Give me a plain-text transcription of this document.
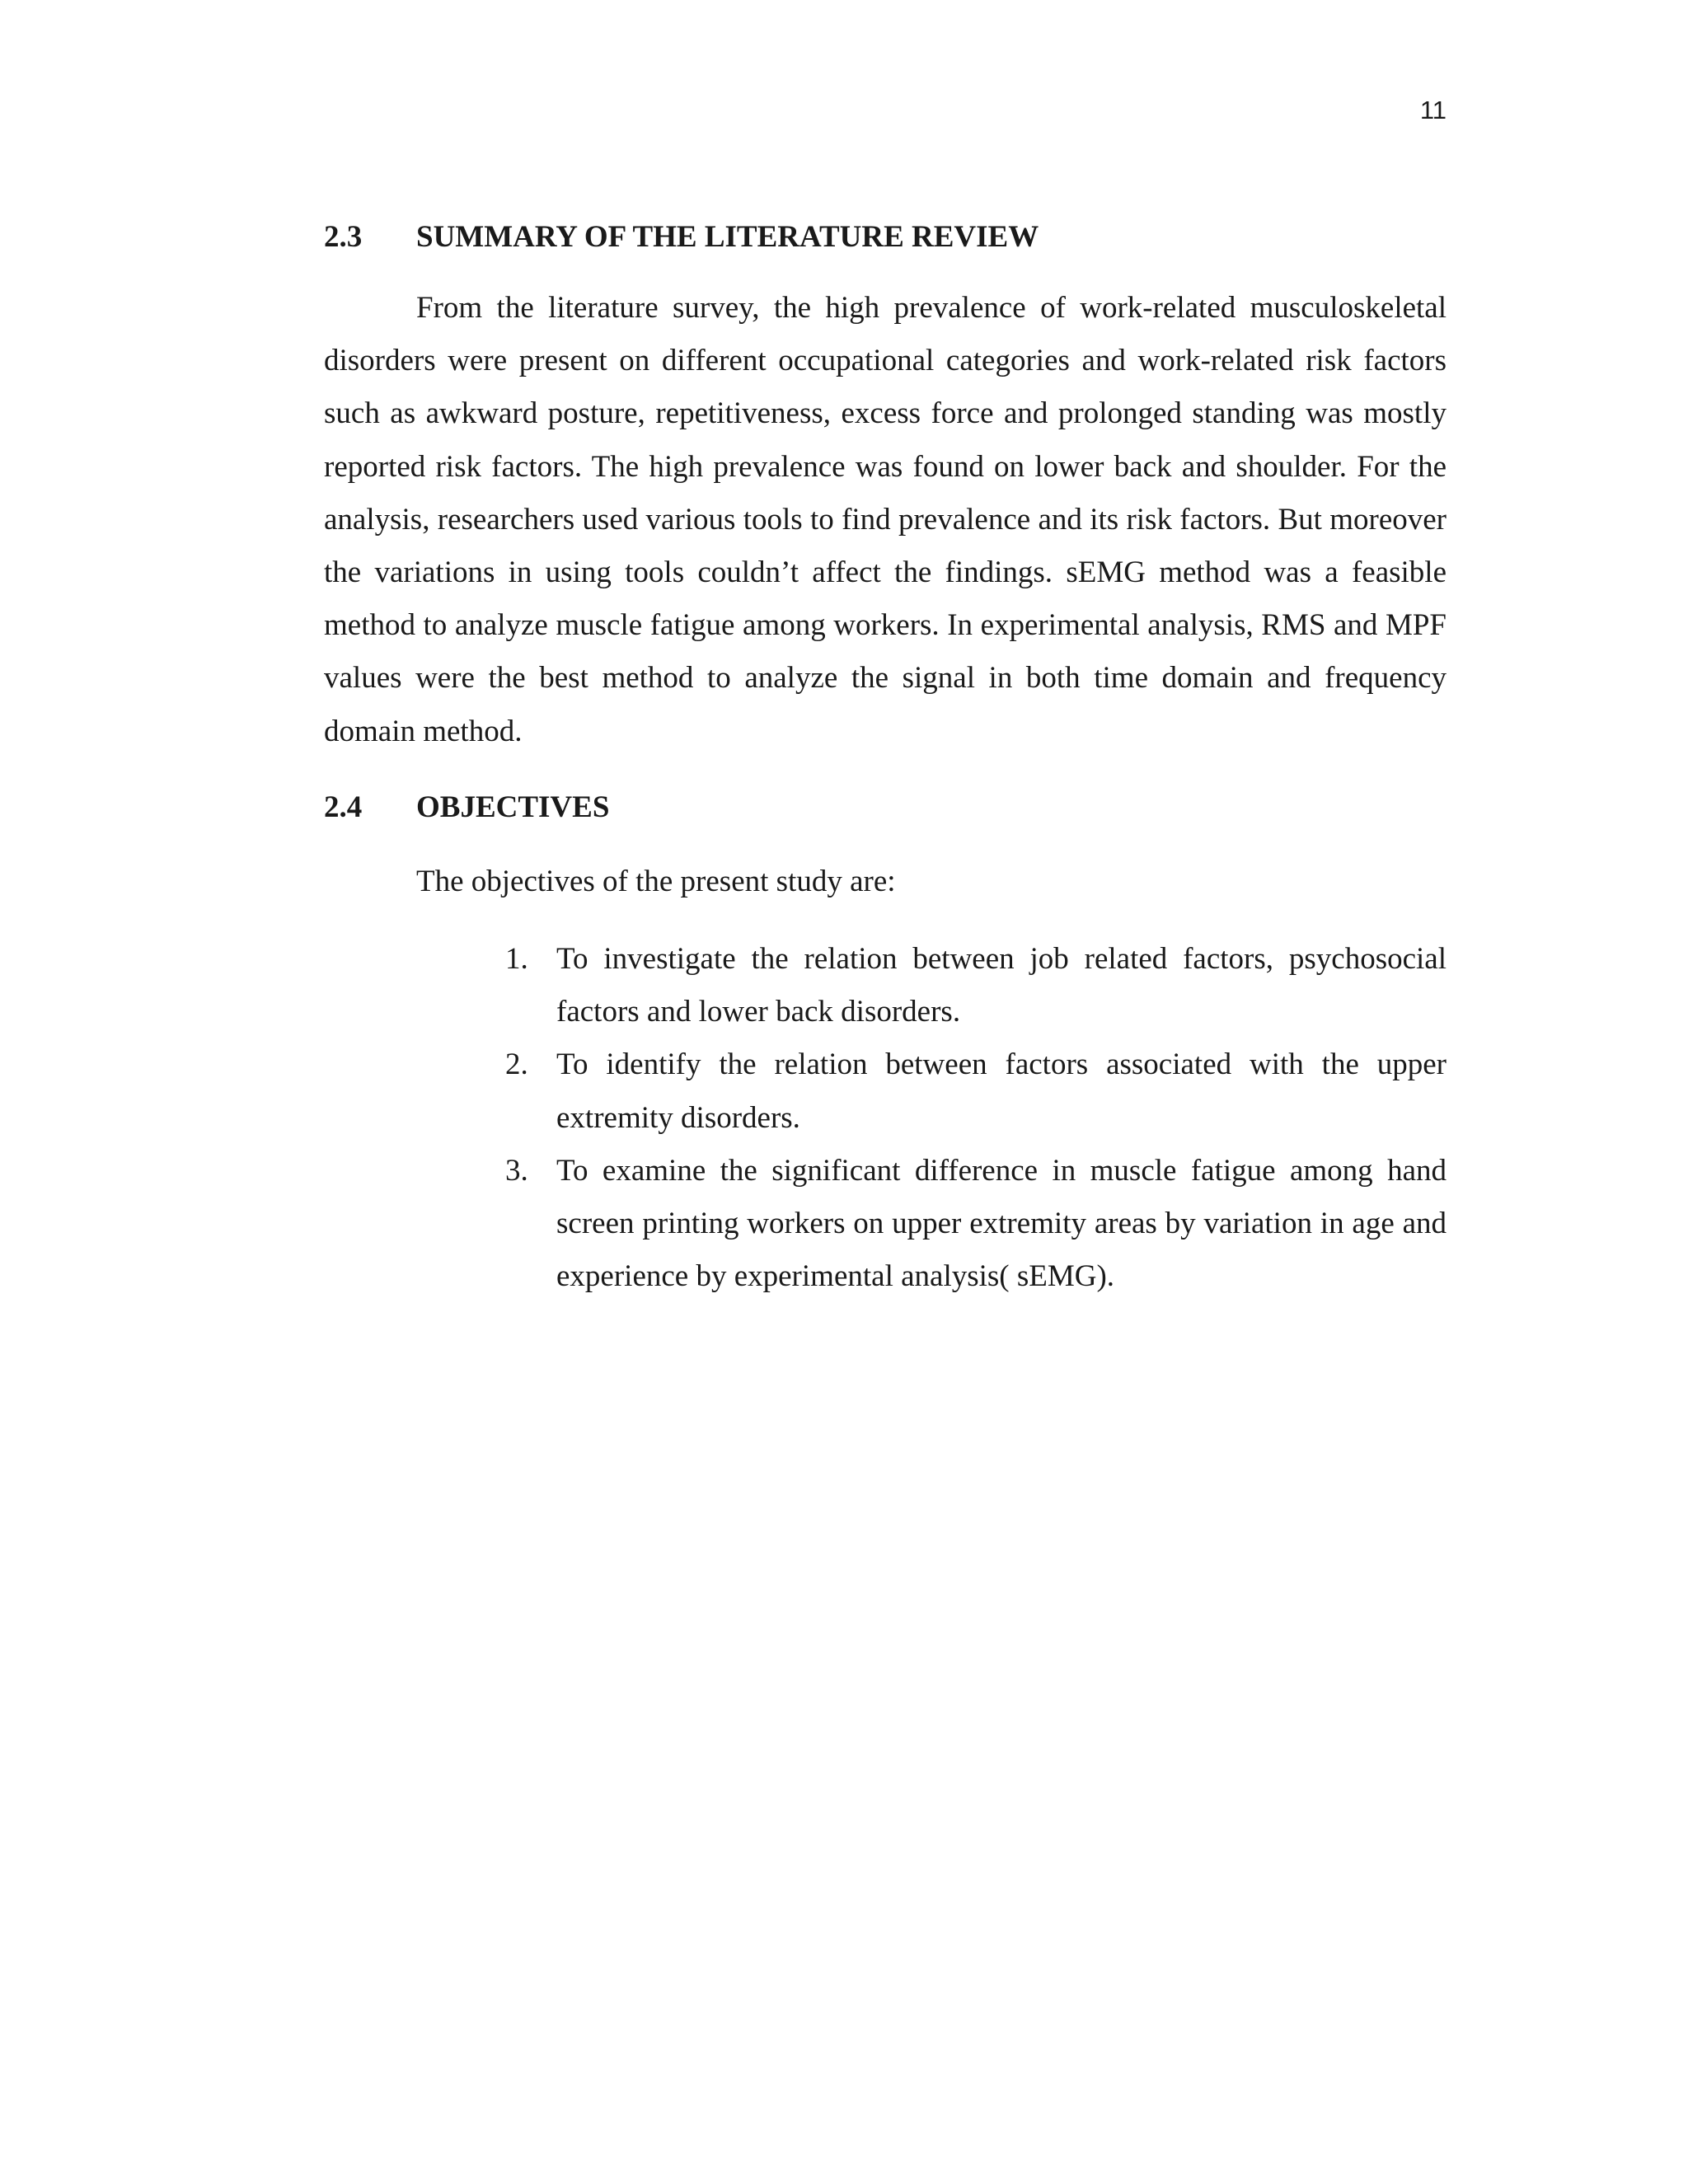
11
2.3	SUMMARY OF THE LITERATURE REVIEW

From the literature survey, the high prevalence of work-related musculoskeletal disorders were present on different occupational categories and work-related risk factors such as awkward posture, repetitiveness, excess force and prolonged standing was mostly reported risk factors. The high prevalence was found on lower back and shoulder. For the analysis, researchers used various tools to find prevalence and its risk factors. But moreover the variations in using tools couldn’t affect the findings. sEMG method was a feasible method to analyze muscle fatigue among workers. In experimental analysis, RMS and MPF values were the best method to analyze the signal in both time domain and frequency domain method.

2.4	OBJECTIVES

The objectives of the present study are:

1. To investigate the relation between job related factors, psychosocial factors and lower back disorders.
2. To identify the relation between factors associated with the upper extremity disorders.
3. To examine the significant difference in muscle fatigue among hand screen printing workers on upper extremity areas by variation in age and experience by experimental analysis( sEMG).
